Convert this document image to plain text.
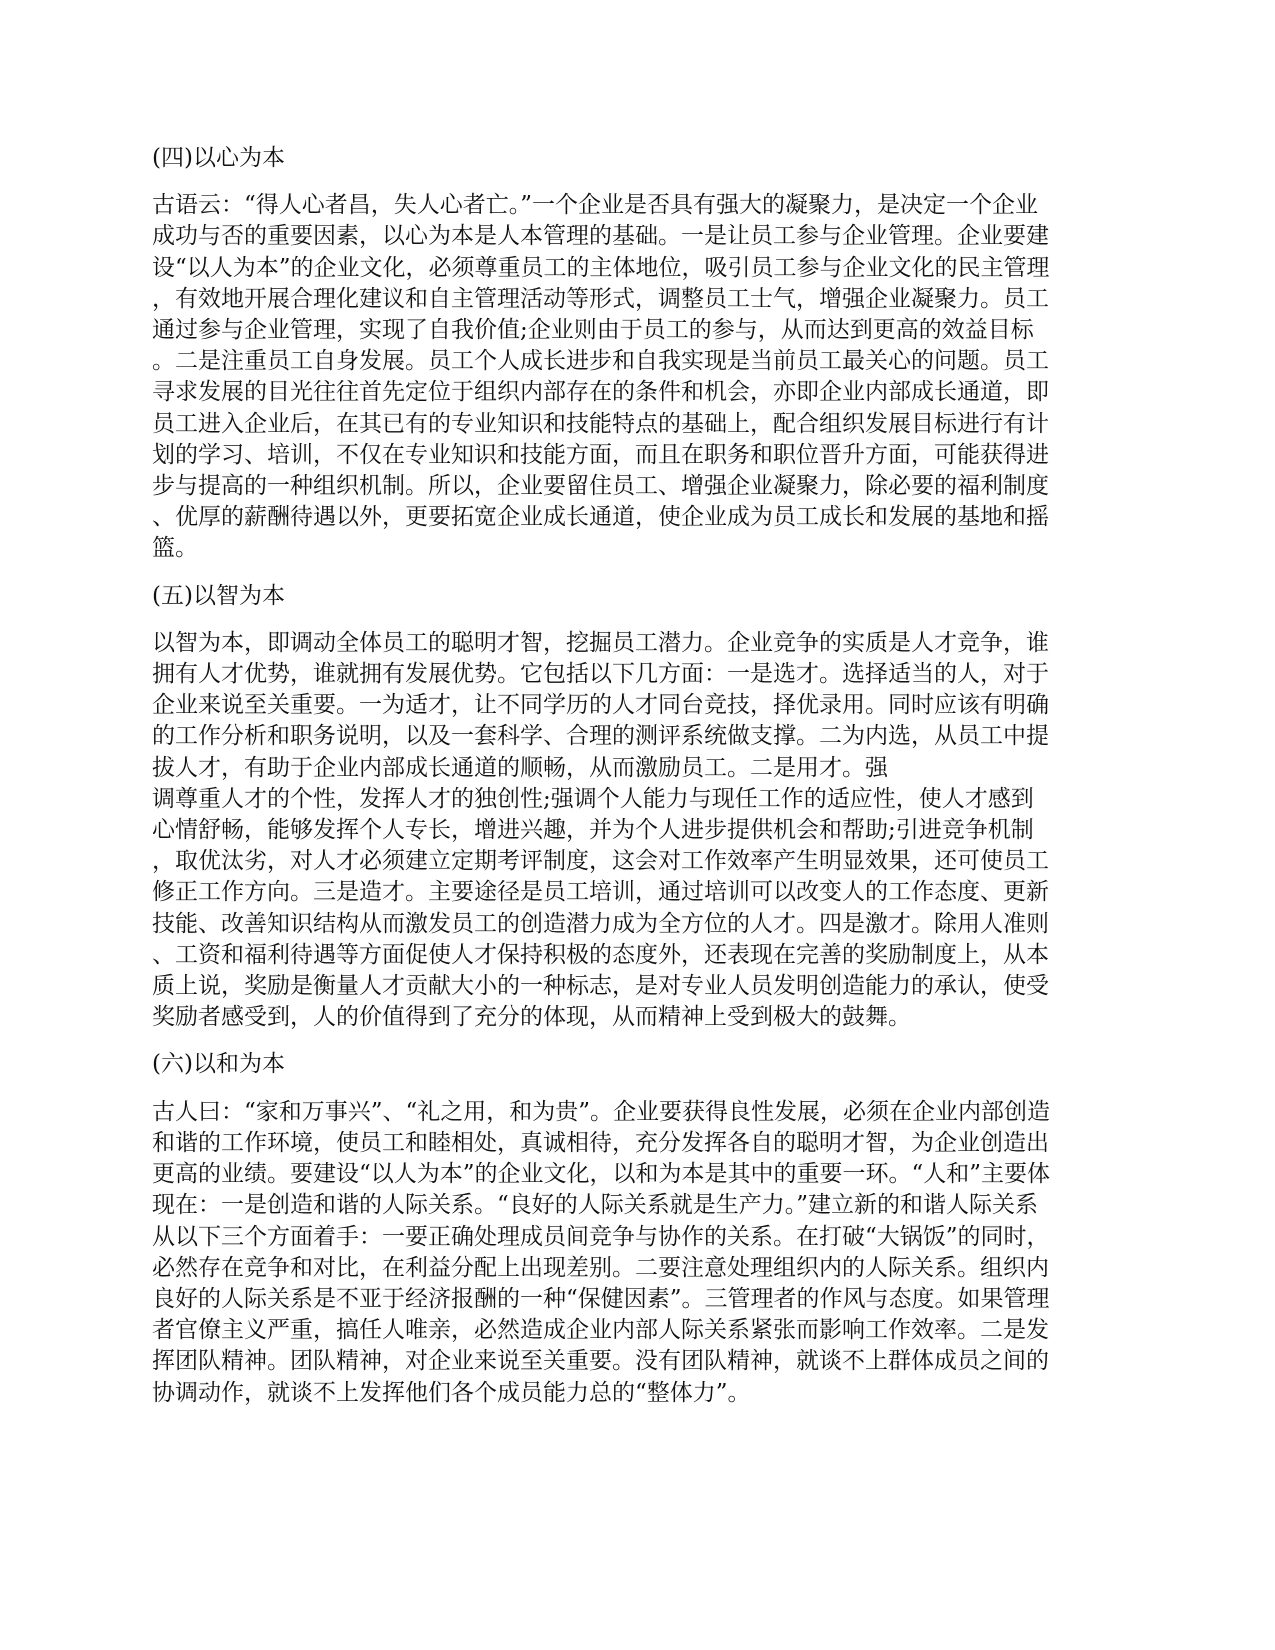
(四)以心为本
古语云：“得人心者昌，失人心者亡。”一个企业是否具有强大的凝聚力，是决定一个企业
成功与否的重要因素，以心为本是人本管理的基础。一是让员工参与企业管理。企业要建
设“以人为本”的企业文化，必须尊重员工的主体地位，吸引员工参与企业文化的民主管理
，有效地开展合理化建议和自主管理活动等形式，调整员工士气，增强企业凝聚力。员工
通过参与企业管理，实现了自我价值;企业则由于员工的参与，从而达到更高的效益目标
。二是注重员工自身发展。员工个人成长进步和自我实现是当前员工最关心的问题。员工
寻求发展的目光往往首先定位于组织内部存在的条件和机会，亦即企业内部成长通道，即
员工进入企业后，在其已有的专业知识和技能特点的基础上，配合组织发展目标进行有计
划的学习、培训，不仅在专业知识和技能方面，而且在职务和职位晋升方面，可能获得进
步与提高的一种组织机制。所以，企业要留住员工、增强企业凝聚力，除必要的福利制度
、优厚的薪酬待遇以外，更要拓宽企业成长通道，使企业成为员工成长和发展的基地和摇
篮。
(五)以智为本
以智为本，即调动全体员工的聪明才智，挖掘员工潜力。企业竞争的实质是人才竞争，谁
拥有人才优势，谁就拥有发展优势。它包括以下几方面：一是选才。选择适当的人，对于
企业来说至关重要。一为适才，让不同学历的人才同台竞技，择优录用。同时应该有明确
的工作分析和职务说明，以及一套科学、合理的测评系统做支撑。二为内选，从员工中提
拔人才，有助于企业内部成长通道的顺畅，从而激励员工。二是用才。强
调尊重人才的个性，发挥人才的独创性;强调个人能力与现任工作的适应性，使人才感到
心情舒畅，能够发挥个人专长，增进兴趣，并为个人进步提供机会和帮助;引进竞争机制
，取优汰劣，对人才必须建立定期考评制度，这会对工作效率产生明显效果，还可使员工
修正工作方向。三是造才。主要途径是员工培训，通过培训可以改变人的工作态度、更新
技能、改善知识结构从而激发员工的创造潜力成为全方位的人才。四是激才。除用人准则
、工资和福利待遇等方面促使人才保持积极的态度外，还表现在完善的奖励制度上，从本
质上说，奖励是衡量人才贡献大小的一种标志，是对专业人员发明创造能力的承认，使受
奖励者感受到，人的价值得到了充分的体现，从而精神上受到极大的鼓舞。
(六)以和为本
古人曰：“家和万事兴”、“礼之用，和为贵”。企业要获得良性发展，必须在企业内部创造
和谐的工作环境，使员工和睦相处，真诚相待，充分发挥各自的聪明才智，为企业创造出
更高的业绩。要建设“以人为本”的企业文化，以和为本是其中的重要一环。“人和”主要体
现在：一是创造和谐的人际关系。“良好的人际关系就是生产力。”建立新的和谐人际关系
从以下三个方面着手：一要正确处理成员间竞争与协作的关系。在打破“大锅饭”的同时，
必然存在竞争和对比，在利益分配上出现差别。二要注意处理组织内的人际关系。组织内
良好的人际关系是不亚于经济报酬的一种“保健因素”。三管理者的作风与态度。如果管理
者官僚主义严重，搞任人唯亲，必然造成企业内部人际关系紧张而影响工作效率。二是发
挥团队精神。团队精神，对企业来说至关重要。没有团队精神，就谈不上群体成员之间的
协调动作，就谈不上发挥他们各个成员能力总的“整体力”。
